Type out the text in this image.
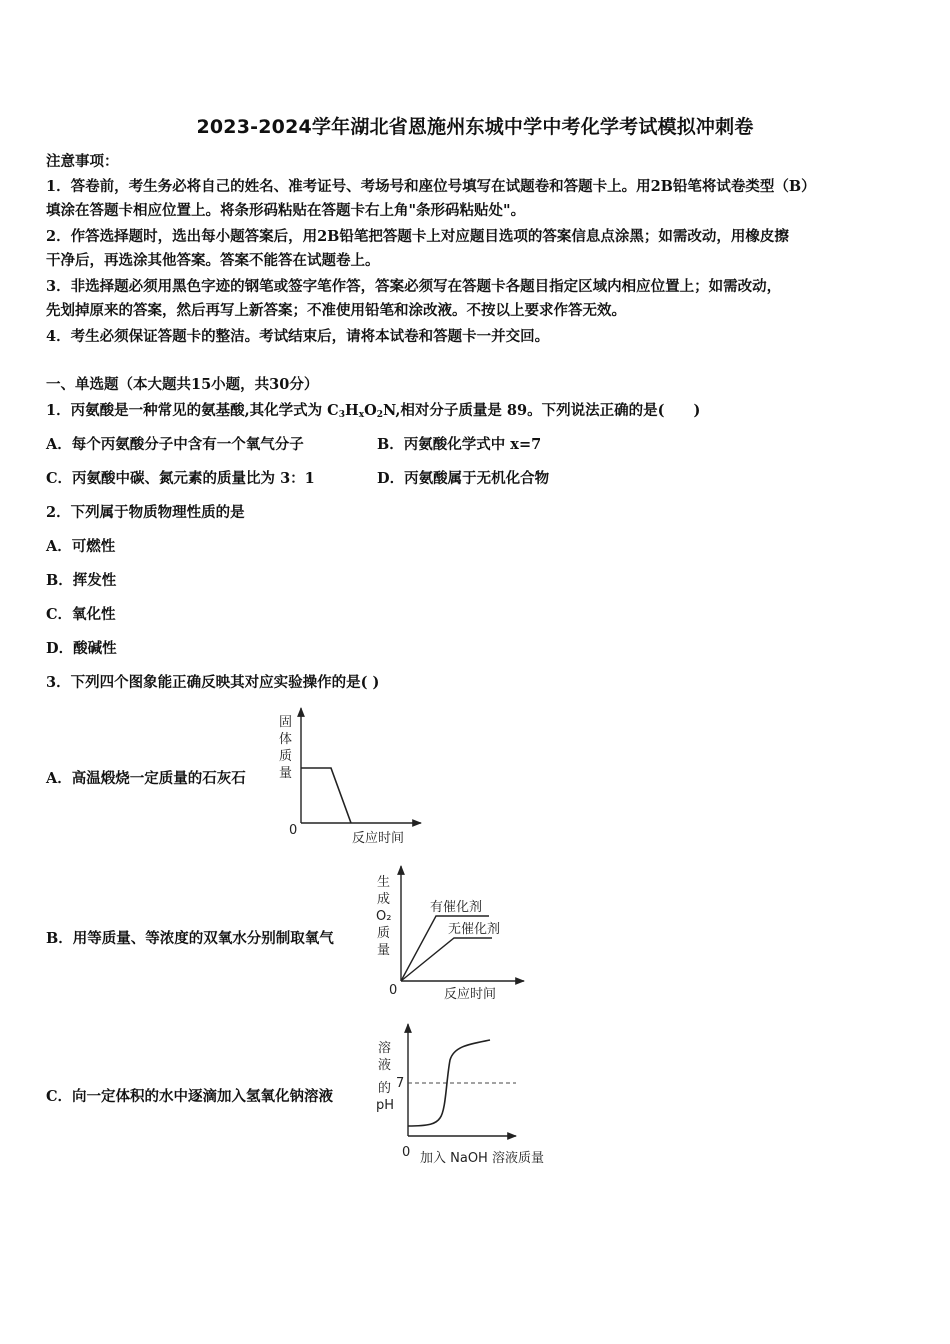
2023-2024学年湖北省恩施州东城中学中考化学考试模拟冲刺卷
注意事项：
1．答卷前，考生务必将自己的姓名、准考证号、考场号和座位号填写在试题卷和答题卡上。用2B铅笔将试卷类型（B）
填涂在答题卡相应位置上。将条形码粘贴在答题卡右上角"条形码粘贴处"。
2．作答选择题时，选出每小题答案后，用2B铅笔把答题卡上对应题目选项的答案信息点涂黑；如需改动，用橡皮擦
干净后，再选涂其他答案。答案不能答在试题卷上。
3．非选择题必须用黑色字迹的钢笔或签字笔作答，答案必须写在答题卡各题目指定区域内相应位置上；如需改动，
先划掉原来的答案，然后再写上新答案；不准使用铅笔和涂改液。不按以上要求作答无效。
4．考生必须保证答题卡的整洁。考试结束后，请将本试卷和答题卡一并交回。
一、单选题（本大题共15小题，共30分）
1．丙氨酸是一种常见的氨基酸,其化学式为 $C_3H_xO_2N$,相对分子质量是 89。下列说法正确的是(　　)
A．每个丙氨酸分子中含有一个氧气分子	B．丙氨酸化学式中 x=7
C．丙氨酸中碳、氮元素的质量比为 3：1	D．丙氨酸属于无机化合物
2．下列属于物质物理性质的是
A．可燃性
B．挥发性
C．氧化性
D．酸碱性
3．下列四个图象能正确反映其对应实验操作的是( )
A．高温煅烧一定质量的石灰石
固
体
质
量
0
反应时间
B．用等质量、等浓度的双氧水分别制取氧气
生
成
O₂
质
量
有催化剂
无催化剂
0	反应时间
C．向一定体积的水中逐滴加入氢氧化钠溶液
溶
液
的
pH
7
0 加入 NaOH 溶液质量
